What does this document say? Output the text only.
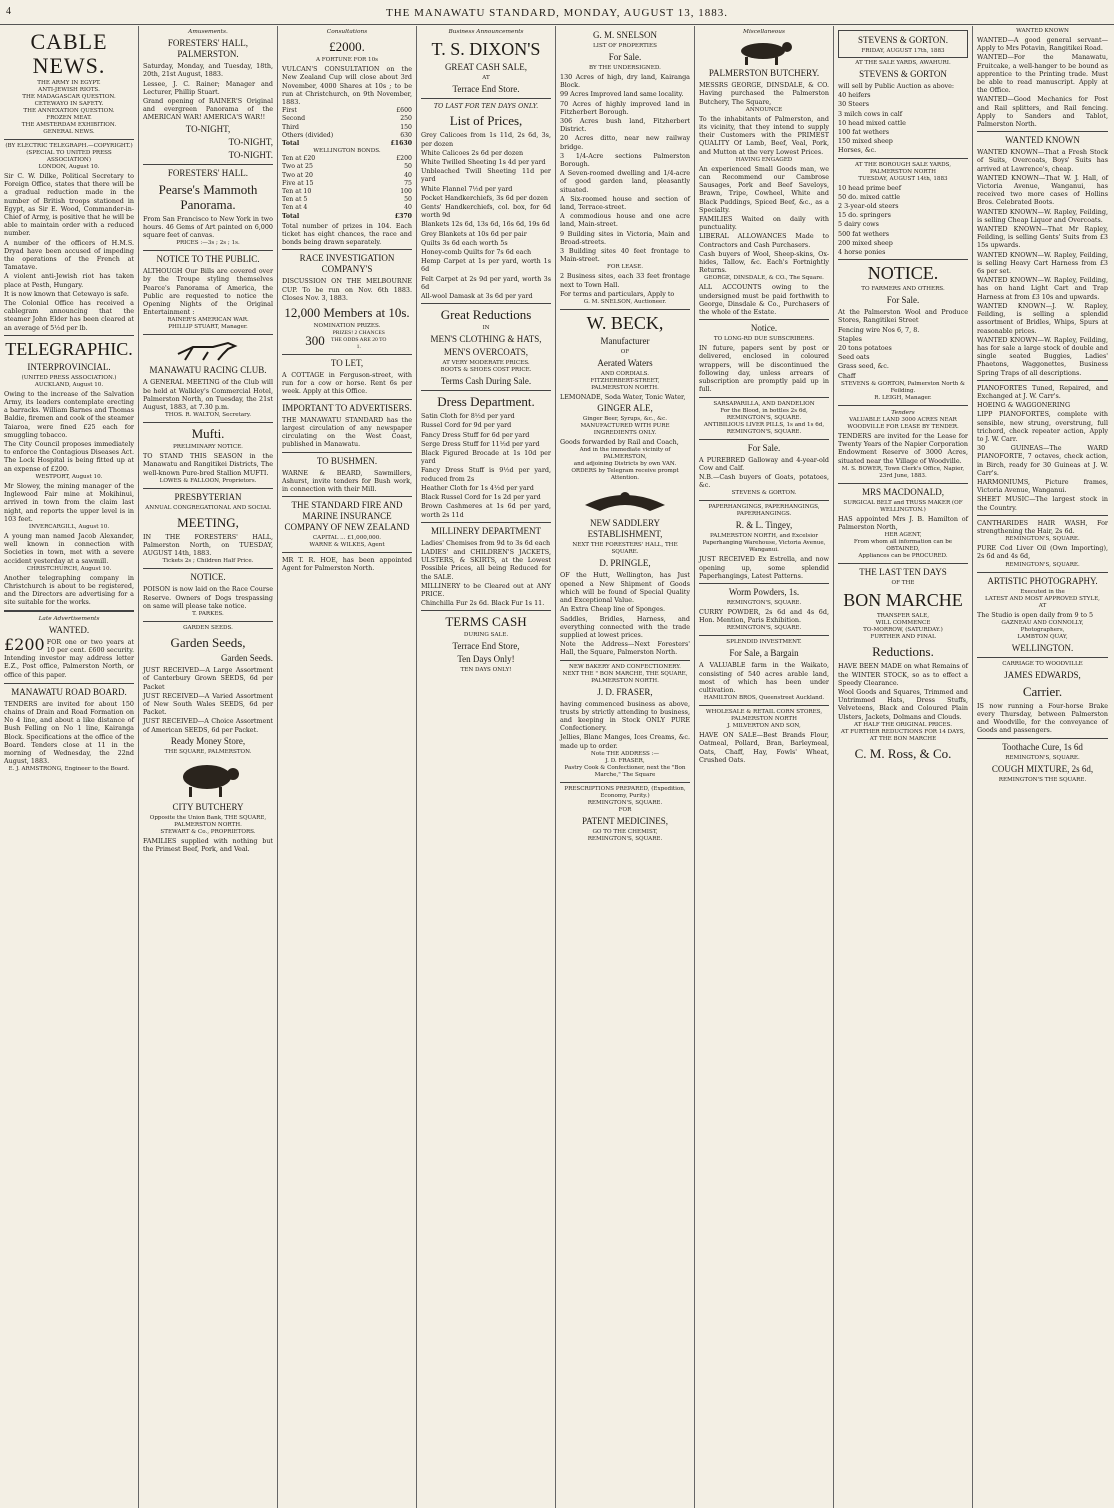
4	THE MANAWATU STANDARD, MONDAY, AUGUST 13, 1883.
CABLE NEWS.
THE ARMY IN EGYPT.
ANTI-JEWISH RIOTS.
THE MADAGASCAR QUESTION.
CETEWAYO IN SAFETY.
THE ANNEXATION QUESTION.
FROZEN MEAT.
THE AMSTERDAM EXHIBITION.
GENERAL NEWS.
(BY ELECTRIC TELEGRAPH.—COPYRIGHT.) (SPECIAL TO UNITED PRESS ASSOCIATION)
LONDON, August 10.
Sir C. W. Dilke, Political Secretary to Foreign Office, states that there will be a gradual reduction made in the number of British troops stationed in Egypt, as Sir E. Wood, Commander-in-Chief of Army, is positive that he will be able to maintain order with a reduced number.
A number of the officers of H.M.S. Dryad have been accused of impeding the operations of the French at Tamatave.
A violent anti-Jewish riot has taken place at Pesth, Hungary.
It is now known that Cetewayo is safe.
The Colonial Office has received a cablegram announcing that the steamer John Elder has been cleared at an average of 5½d per lb.
TELEGRAPHIC.
INTERPROVINCIAL.
(UNITED PRESS ASSOCIATION.)
AUCKLAND, August 10.
Owing to the increase of the Salvation Army, its leaders contemplate erecting a barracks. William Barnes and Thomas Baldie, firemen and cook of the steamer Taiaroa, were fined £25 each for smuggling tobacco.
The City Council proposes immediately to enforce the Contagious Diseases Act. The Lock Hospital is being fitted up at an expense of £200.
WESTPORT, August 10.
Mr Slowey, the mining manager of the Inglewood Fair mine at Mokihinui, arrived in town from the claim last night, and reports the upper level is in 103 feet.
INVERCARGILL, August 10.
A young man named Jacob Alexander, well known in connection with Societies in town, met with a severe accident yesterday at a sawmill.
CHRISTCHURCH, August 10.
Another telegraphing company in Christchurch is about to be registered, and the Directors are advertising for a site suitable for the works.
Late Advertisements
WANTED.
£200 FOR one or two years at 10 per cent. £600 security. Intending investor may address letter E.Z., Post office, Palmerston North, or office of this paper.
MANAWATU ROAD BOARD.
TENDERS are invited for about 150 chains of Drain and Road Formation on No 4 line, and about a like distance of Bush Felling on No 1 line, Kairanga Block. Specifications at the office of the Board. Tenders close at 11 in the morning of Wednesday, the 22nd August, 1883.
E. J. ARMSTRONG, Engineer to the Board.
Amusements.
FORESTERS' HALL, PALMERSTON.
Saturday, Monday, and Tuesday, 18th, 20th, 21st August, 1883.
Lessee, J. C. Rainer; Manager and Lecturer, Phillip Stuart.
Grand opening of RAINER'S Original and evergreen Panorama of the AMERICAN WAR! AMERICA'S WAR!!
TO-NIGHT,
TO-NIGHT,
TO-NIGHT.
FORESTERS' HALL.
Pearse's Mammoth Panorama.
From San Francisco to New York in two hours. 46 Gems of Art painted on 6,000 square feet of canvas.
PRICES :—3s ; 2s ; 1s.
NOTICE TO THE PUBLIC.
ALTHOUGH Our Bills are covered over by the Troupe styling themselves Pearce's Panorama of America, the Public are requested to notice the Opening Nights of the Original Entertainment :
RAINER'S AMERICAN WAR.
PHILLIP STUART, Manager.
MANAWATU RACING CLUB.
A GENERAL MEETING of the Club will be held at Walkley's Commercial Hotel, Palmerston North, on Tuesday, the 21st August, 1883, at 7.30 p.m.
THOS. R. WALTON, Secretary.
Mufti.
PRELIMINARY NOTICE.
TO STAND THIS SEASON in the Manawatu and Rangitikei Districts, The well-known Pure-bred Stallion MUFTI.
LOWES & FALLOON, Proprietors.
PRESBYTERIAN
ANNUAL CONGREGATIONAL AND SOCIAL
MEETING,
IN THE FORESTERS' HALL, Palmerston North, on TUESDAY, AUGUST 14th, 1883.
Tickets 2s ; Children Half Price.
NOTICE.
POISON is now laid on the Race Course Reserve. Owners of Dogs trespassing on same will please take notice.
T. PARKES.
GARDEN SEEDS.
Garden Seeds,
Garden Seeds.
JUST RECEIVED—A Large Assortment of Canterbury Grown SEEDS, 6d per Packet
JUST RECEIVED—A Varied Assortment of New South Wales SEEDS, 6d per Packet.
JUST RECEIVED—A Choice Assortment of American SEEDS, 6d per Packet.
Ready Money Store,
THE SQUARE, PALMERSTON.
CITY BUTCHERY
Opposite the Union Bank, THE SQUARE, PALMERSTON NORTH.
STEWART & Co., PROPRIETORS.
FAMILIES supplied with nothing but the Primest Beef, Pork, and Veal.
Consultations
£2000.
A FORTUNE FOR 10s
VULCAN'S CONSULTATION on the New Zealand Cup will close about 3rd November, 4000 Shares at 10s ; to be run at Christchurch, on 9th November, 1883.
First	£600
Second	250
Third	150
Others (divided)	630
Total	£1630
WELLINGTON BONDS.
Ten at £20	£200
Two at 25	50
Two at 20	40
Five at 15	75
Ten at 10	100
Ten at 5	50
Ten at 4	40
Total	£370
Total number of prizes in 104. Each ticket has eight chances, the race and bonds being drawn separately.
RACE INVESTIGATION COMPANY'S
DISCUSSION ON THE MELBOURNE CUP. To be run on Nov. 6th 1883. Closes Nov. 3, 1883.
12,000 Members at 10s.
NOMINATION PRIZES.
300	PRIZES! 2 CHANCES THE ODDS ARE 20 TO 1.
TO LET,
A COTTAGE in Ferguson-street, with run for a cow or horse. Rent 6s per week. Apply at this Office.
IMPORTANT TO ADVERTISERS.
THE MANAWATU STANDARD has the largest circulation of any newspaper circulating on the West Coast, published in Manawatu.
TO BUSHMEN.
WARNE & BEARD, Sawmillers, Ashurst, invite tenders for Bush work, in connection with their Mill.
THE STANDARD FIRE AND MARINE INSURANCE COMPANY OF NEW ZEALAND
CAPITAL ... £1,000,000.
WARNE & WILKES, Agent
MR T. R. HOE, has been appointed Agent for Palmerston North.
Business Announcements
T. S. DIXON'S
GREAT CASH SALE,
AT
Terrace End Store.
TO LAST FOR TEN DAYS ONLY.
List of Prices,
Grey Calicoes from 1s 11d, 2s 6d, 3s, per dozen
White Calicoes 2s 6d per dozen
White Twilled Sheeting 1s 4d per yard
Unbleached Twill Sheeting 11d per yard
White Flannel 7½d per yard
Pocket Handkerchiefs, 3s 6d per dozen
Gents' Handkerchiefs, col. box, for 6d worth 9d
Blankets 12s 6d, 13s 6d, 16s 6d, 19s 6d
Grey Blankets at 10s 6d per pair
Quilts 3s 6d each worth 5s
Honey-comb Quilts for 7s 6d each
Hemp Carpet at 1s per yard, worth 1s 6d
Felt Carpet at 2s 9d per yard, worth 3s 6d
All-wool Damask at 3s 6d per yard
Great Reductions
IN
MEN'S CLOTHING & HATS,
MEN'S OVERCOATS,
AT VERY MODERATE PRICES.
BOOTS & SHOES COST PRICE.
Terms Cash During Sale.
Dress Department.
Satin Cloth for 8½d per yard
Russel Cord for 9d per yard
Fancy Dress Stuff for 6d per yard
Serge Dress Stuff for 11½d per yard
Black Figured Brocade at 1s 10d per yard
Fancy Dress Stuff is 9½d per yard, reduced from 2s
Heather Cloth for 1s 4½d per yard
Black Russel Cord for 1s 2d per yard
Brown Cashmeres at 1s 6d per yard, worth 2s 11d
MILLINERY DEPARTMENT
Ladies' Chemises from 9d to 3s 6d each
LADIES' and CHILDREN'S JACKETS, ULSTERS, & SKIRTS, at the Lowest Possible Prices, all being Reduced for the SALE.
MILLINERY to be Cleared out at ANY PRICE.
Chinchilla Fur 2s 6d. Black Fur 1s 11.
TERMS CASH
DURING SALE.
Terrace End Store,
Ten Days Only!
TEN DAYS ONLY!
G. M. SNELSON
LIST OF PROPERTIES
For Sale.
BY THE UNDERSIGNED.
130 Acres of high, dry land, Kairanga Block.
99 Acres Improved land same locality.
70 Acres of highly improved land in Fitzherbert Borough.
306 Acres bush land, Fitzherbert District.
20 Acres ditto, near new railway bridge.
3 1/4-Acre sections Palmerston Borough.
A Seven-roomed dwelling and 1/4-acre of good garden land, pleasantly situated.
A Six-roomed house and section of land, Terrace-street.
A commodious house and one acre land, Main-street.
9 Building sites in Victoria, Main and Broad-streets.
3 Building sites 40 feet frontage to Main-street.
FOR LEASE.
2 Business sites, each 33 feet frontage next to Town Hall.
For terms and particulars, Apply to
G. M. SNELSON, Auctioneer.
W. BECK,
Manufacturer
OF
Aerated Waters
AND CORDIALS.
FITZHERBERT-STREET,
PALMERSTON NORTH.
LEMONADE, Soda Water, Tonic Water,
GINGER ALE,
Ginger Beer, Syrups, &c., &c.
MANUFACTURED WITH PURE INGREDIENTS ONLY.
Goods forwarded by Rail and Coach,
And in the immediate vicinity of PALMERSTON,
and adjoining Districts by own VAN.
ORDERS by Telegram receive prompt Attention.
NEW SADDLERY ESTABLISHMENT,
NEXT THE FORESTERS' HALL, THE SQUARE.
D. PRINGLE,
OF the Hutt, Wellington, has Just opened a New Shipment of Goods which will be found of Special Quality and Exceptional Value.
An Extra Cheap line of Sponges.
Saddles, Bridles, Harness, and everything connected with the trade supplied at lowest prices.
Note the Address—Next Foresters' Hall, the Square, Palmerston North.
NEW BAKERY AND CONFECTIONERY.
NEXT THE " BON MARCHE, THE SQUARE, PALMERSTON NORTH.
J. D. FRASER,
having commenced business as above, trusts by strictly attending to business, and keeping in Stock ONLY PURE Confectionery.
Jellies, Blanc Manges, Ices Creams, &c. made up to order.
Note THE ADDRESS :—
J. D. FRASER,
Pastry Cook & Confectioner, next the "Bon Marche," The Square
PRESCRIPTIONS PREPARED, (Expedition, Economy, Purity.)
REMINGTON'S, SQUARE.
FOR
PATENT MEDICINES,
GO TO THE CHEMIST,
REMINGTON'S, SQUARE.
Miscellaneous
PALMERSTON BUTCHERY.
MESSRS GEORGE, DINSDALE, & CO. Having purchased the Palmerston Butchery, The Square,
ANNOUNCE
To the inhabitants of Palmerston, and its vicinity, that they intend to supply their Customers with the PRIMEST QUALITY Of Lamb, Beef, Veal, Pork, and Mutton at the very Lowest Prices.
HAVING ENGAGED
An experienced Small Goods man, we can Recommend our Cambrose Sausages, Pork and Beef Saveloys, Brawn, Tripe, Cowheel, White and Black Puddings, Spiced Beef, &c., as a Specialty.
FAMILIES Waited on daily with punctuality.
LIBERAL ALLOWANCES Made to Contractors and Cash Purchasers.
Cash buyers of Wool, Sheep-skins, Ox-hides, Tallow, &c. Each's Fortnightly Returns.
GEORGE, DINSDALE, & CO., The Square.
ALL ACCOUNTS owing to the undersigned must be paid forthwith to George, Dinsdale & Co., Purchasers of the whole of the Estate.
Notice.
TO LONG-RD DUE SUBSCRIBERS.
IN future, papers sent by post or delivered, enclosed in coloured wrappers, will be discontinued the following day, unless arrears of subscription are promptly paid up in full.
SARSAPARILLA, AND DANDELION
For the Blood, in bottles 2s 6d,
REMINGTON'S, SQUARE.
ANTIBILIOUS LIVER PILLS, 1s and 1s 6d,
REMINGTON'S, SQUARE.
For Sale.
A PUREBRED Galloway and 4-year-old Cow and Calf.
N.B.—Cash buyers of Goats, potatoes, &c.
STEVENS & GORTON.
PAPERHANGINGS, PAPERHANGINGS, PAPERHANGINGS.
R. & L. Tingey,
PALMERSTON NORTH, and Excelsior Paperhanging Warehouse, Victoria Avenue, Wanganui.
JUST RECEIVED Ex Estrella, and now opening up, some splendid Paperhangings, Latest Patterns.
Worm Powders, 1s.
REMINGTON'S, SQUARE.
CURRY POWDER, 2s 6d and 4s 6d, Hon. Mention, Paris Exhibition.
REMINGTON'S, SQUARE.
SPLENDID INVESTMENT.
For Sale, a Bargain
A VALUABLE farm in the Waikato, consisting of 540 acres arable land, most of which has been under cultivation.
HAMILTON BROS, Queenstreet Auckland.
WHOLESALE & RETAIL CORN STORES,
PALMERSTON NORTH
J. MILVERTON AND SON,
HAVE ON SALE—Best Brands Flour, Oatmeal, Pollard, Bran, Barleymeal, Oats, Chaff, Hay, Fowls' Wheat, Crushed Oats.
STEVENS & GORTON.
FRIDAY, AUGUST 17th, 1883
AT THE SALE YARDS, AWAHURI.
STEVENS & GORTON
will sell by Public Auction as above:
40 heifers
30 Steers
3 milch cows in calf
10 head mixed cattle
100 fat wethers
150 mixed sheep
Horses, &c.
AT THE BOROUGH SALE YARDS, PALMERSTON NORTH
TUESDAY, AUGUST 14th, 1883
10 head prime beef
50 do. mixed cattle
2 3-year-old steers
15 do. springers
5 dairy cows
500 fat wethers
200 mixed sheep
4 horse ponies
NOTICE.
TO FARMERS AND OTHERS.
For Sale.
At the Palmerston Wool and Produce Stores, Rangitikei Street
Fencing wire Nos 6, 7, 8.
Staples
20 tons potatoes
Seed oats
Grass seed, &c.
Chaff
STEVENS & GORTON, Palmerston North & Feilding.
R. LEIGH, Manager.
Tenders
VALUABLE LAND 3000 ACRES NEAR WOODVILLE FOR LEASE BY TENDER.
TENDERS are invited for the Lease for Twenty Years of the Napier Corporation Endowment Reserve of 3000 Acres, situated near the Village of Woodville.
M. S. BOWER, Town Clerk's Office, Napier, 23rd June, 1883.
MRS MACDONALD,
SURGICAL BELT and TRUSS MAKER (OF WELLINGTON.)
HAS appointed Mrs J. B. Hamilton of Palmerston North,
HER AGENT,
From whom all information can be OBTAINED,
Appliances can be PROCURED.
THE LAST TEN DAYS
OF THE
BON MARCHE
TRANSFER SALE,
WILL COMMENCE
TO-MORROW, (SATURDAY.)
FURTHER AND FINAL
Reductions.
HAVE BEEN MADE on what Remains of the WINTER STOCK, so as to effect a Speedy Clearance.
Wool Goods and Squares, Trimmed and Untrimmed Hats, Dress Stuffs, Velveteens, Black and Coloured Plain Ulsters, Jackets, Dolmans and Clouds.
AT HALF THE ORIGINAL PRICES.
AT FURTHER REDUCTIONS FOR 14 DAYS,
AT THE BON MARCHE
C. M. Ross, & Co.
WANTED KNOWN
WANTED—A good general servant—Apply to Mrs Potavin, Rangitikei Road.
WANTED—For the Manawatu, Fruitcake, a well-hanger to be bound as apprentice to the Printing trade. Must be able to read manuscript. Apply at the Office.
WANTED—Good Mechanics for Post and Rail splitters, and Rail fencing. Apply to Sanders and Tablot, Palmerston North.
WANTED KNOWN
WANTED KNOWN—That a Fresh Stock of Suits, Overcoats, Boys' Suits has arrived at Lawrence's, cheap.
WANTED KNOWN—That W. J. Hall, of Victoria Avenue, Wanganui, has received two more cases of Hollins Bros. Celebrated Boots.
WANTED KNOWN—W. Rapley, Feilding, is selling Cheap Liquor and Overcoats.
WANTED KNOWN—That Mr Rapley, Feilding, is selling Gents' Suits from £3 15s upwards.
WANTED KNOWN—W. Rapley, Feilding, is selling Heavy Cart Harness from £3 6s per set.
WANTED KNOWN—W. Rapley, Feilding, has on hand Light Cart and Trap Harness at from £3 10s and upwards.
WANTED KNOWN—J. W. Rapley, Feilding, is selling a splendid assortment of Bridles, Whips, Spurs at reasonable prices.
WANTED KNOWN—W. Rapley, Feilding, has for sale a large stock of double and single seated Buggies, Ladies' Phaetons, Waggonettes, Business Spring Traps of all descriptions.
PIANOFORTES Tuned, Repaired, and Exchanged at J. W. Carr's.
HOEING & WAGGONERING
LIPP PIANOFORTES, complete with sensible, new strung, overstrung, full trichord, check repeater action, Apply to J. W. Carr.
30 GUINEAS—The WARD PIANOFORTE, 7 octaves, check action, in Birch, ready for 30 Guineas at J. W. Carr's.
HARMONIUMS, Picture frames, Victoria Avenue, Wanganui.
SHEET MUSIC—The largest stock in the Country.
CANTHARIDES HAIR WASH, For strengthening the Hair, 2s 6d.
REMINGTON'S, SQUARE.
PURE Cod Liver Oil (Own Importing), 2s 6d and 4s 6d,
REMINGTON'S, SQUARE.
ARTISTIC PHOTOGRAPHY.
Executed in the
LATEST AND MOST APPROVED STYLE,
AT
The Studio is open daily from 9 to 5
GAZNEAU AND CONNOLLY,
Photographers,
LAMBTON QUAY,
WELLINGTON.
CARRIAGE TO WOODVILLE
JAMES EDWARDS,
Carrier.
IS now running a Four-horse Brake every Thursday, between Palmerston and Woodville, for the conveyance of Goods and passengers.
Toothache Cure, 1s 6d
REMINGTON'S, SQUARE.
COUGH MIXTURE, 2s 6d,
REMINGTON'S THE SQUARE.
